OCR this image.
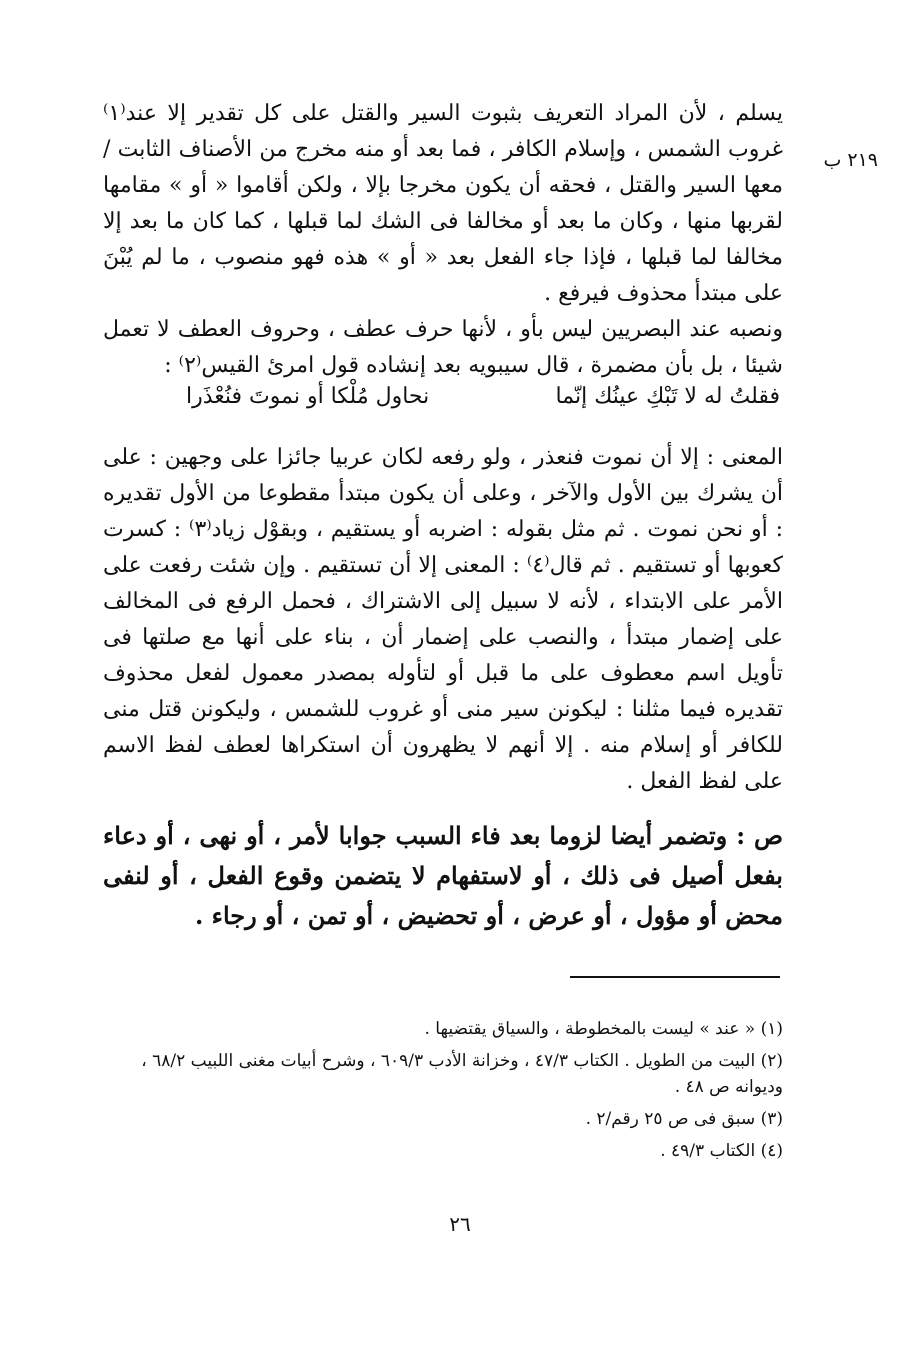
٢١٩ ب

يسلم ، لأن المراد التعريف بثبوت السير والقتل على كل تقدير إلا عند⁽١⁾ غروب الشمس ، وإسلام الكافر ، فما بعد أو منه مخرج من الأصناف الثابت / معها السير والقتل ، فحقه أن يكون مخرجا بإلا ، ولكن أقاموا « أو » مقامها لقربها منها ، وكان ما بعد أو مخالفا فى الشك لما قبلها ، كما كان ما بعد إلا مخالفا لما قبلها ، فإذا جاء الفعل بعد « أو » هذه فهو منصوب ، ما لم يُبْنَ على مبتدأ محذوف فيرفع .

ونصبه عند البصريين ليس بأو ، لأنها حرف عطف ، وحروف العطف لا تعمل شيئا ، بل بأن مضمرة ، قال سيبويه بعد إنشاده قول امرئ القيس⁽٢⁾ :

فقلتُ له لا تَبْكِ عينُك إنّما
نحاول مُلْكا أو نموتَ فنُعْذَرا

المعنى : إلا أن نموت فنعذر ، ولو رفعه لكان عربيا جائزا على وجهين : على أن يشرك بين الأول والآخر ، وعلى أن يكون مبتدأ مقطوعا من الأول تقديره : أو نحن نموت . ثم مثل بقوله : اضربه أو يستقيم ، وبقوْل زياد⁽٣⁾ : كسرت كعوبها أو تستقيم . ثم قال⁽٤⁾ : المعنى إلا أن تستقيم . وإن شئت رفعت على الأمر على الابتداء ، لأنه لا سبيل إلى الاشتراك ، فحمل الرفع فى المخالف على إضمار مبتدأ ، والنصب على إضمار أن ، بناء على أنها مع صلتها فى تأويل اسم معطوف على ما قبل أو لتأوله بمصدر معمول لفعل محذوف تقديره فيما مثلنا : ليكونن سير منى أو غروب للشمس ، وليكونن قتل منى للكافر أو إسلام منه . إلا أنهم لا يظهرون أن استكراها لعطف لفظ الاسم على لفظ الفعل .

ص : وتضمر أيضا لزوما بعد فاء السبب جوابا لأمر ، أو نهى ، أو دعاء بفعل أصيل فى ذلك ، أو لاستفهام لا يتضمن وقوع الفعل ، أو لنفى محض أو مؤول ، أو عرض ، أو تحضيض ، أو تمن ، أو رجاء .

(١) « عند » ليست بالمخطوطة ، والسياق يقتضيها .

(٢) البيت من الطويل . الكتاب ٤٧/٣ ، وخزانة الأدب ٦٠٩/٣ ، وشرح أبيات مغنى اللبيب ٦٨/٢ ، وديوانه ص ٤٨ .

(٣) سبق فى ص ٢٥ رقم/٢ .

(٤) الكتاب ٤٩/٣ .

٢٦
